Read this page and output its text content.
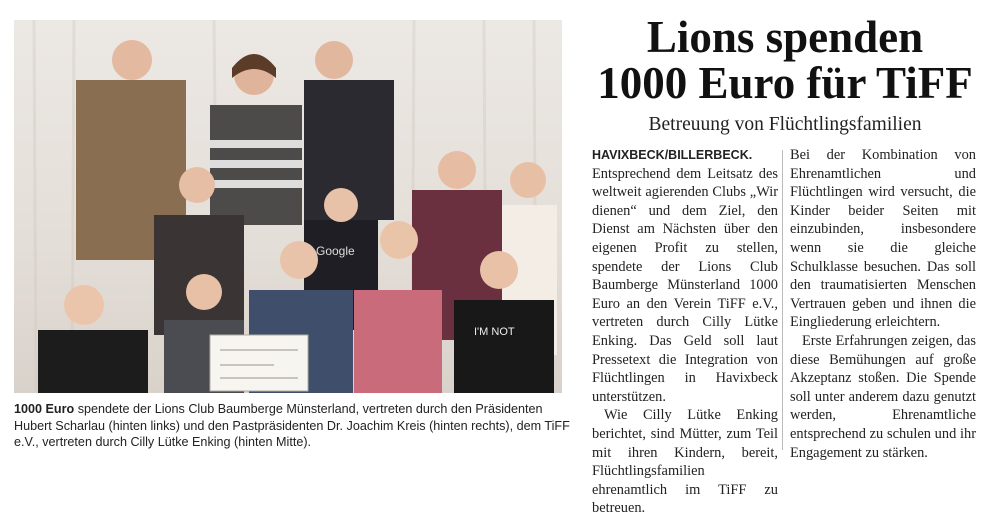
Google
I'M NOT
1000 Euro spendete der Lions Club Baumberge Münsterland, vertreten durch den Präsidenten Hubert Scharlau (hinten links) und den Pastpräsidenten Dr. Joachim Kreis (hinten rechts), dem TiFF e.V., vertreten durch Cilly Lütke Enking (hinten Mitte).
Lions spenden
1000 Euro für TiFF
Betreuung von Flüchtlingsfamilien

HAVIXBECK/BILLERBECK. Entsprechend dem Leitsatz des weltweit agierenden Clubs „Wir dienen“ und dem Ziel, den Dienst am Nächsten über den eigenen Profit zu stellen, spendete der Lions Club Baumberge Münsterland 1000 Euro an den Verein TiFF e.V., vertreten durch Cilly Lütke Enking. Das Geld soll laut Pressetext die Integration von Flüchtlingen in Havixbeck unterstützen.

Wie Cilly Lütke Enking berichtet, sind Mütter, zum Teil mit ihren Kindern, bereit, Flüchtlingsfamilien ehrenamtlich im TiFF zu betreuen.

Bei der Kombination von Ehrenamtlichen und Flüchtlingen wird versucht, die Kinder beider Seiten mit einzubinden, insbesondere wenn sie die gleiche Schulklasse besuchen. Das soll den traumatisierten Menschen Vertrauen geben und ihnen die Eingliederung erleichtern.

Erste Erfahrungen zeigen, das diese Bemühungen auf große Akzeptanz stoßen. Die Spende soll unter anderem dazu genutzt werden, Ehrenamtliche entsprechend zu schulen und ihr Engagement zu stärken.
